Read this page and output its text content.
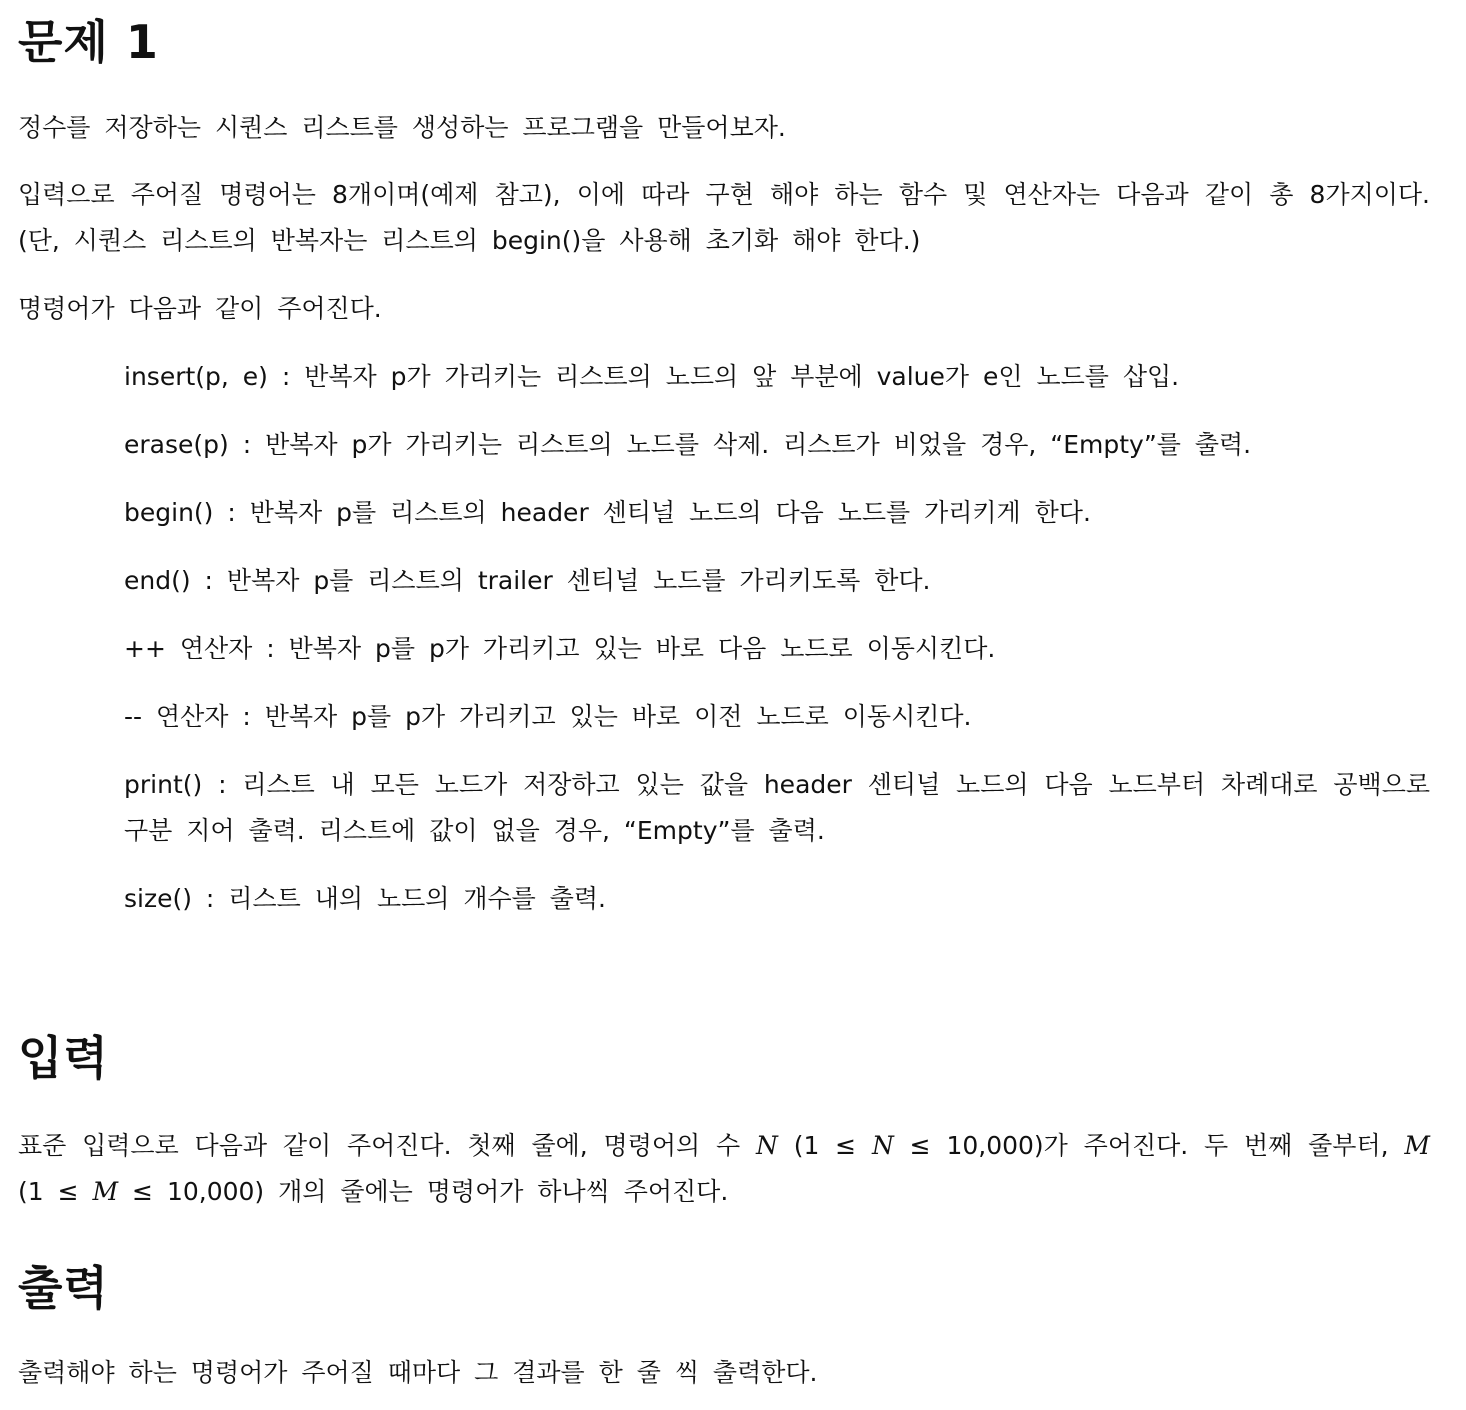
문제 1

정수를 저장하는 시퀀스 리스트를 생성하는 프로그램을 만들어보자.

입력으로 주어질 명령어는 8개이며(예제 참고), 이에 따라 구현 해야 하는 함수 및 연산자는 다음과 같이 총 8가지이다.(단, 시퀀스 리스트의 반복자는 리스트의 begin()을 사용해 초기화 해야 한다.)

명령어가 다음과 같이 주어진다.

insert(p, e) : 반복자 p가 가리키는 리스트의 노드의 앞 부분에 value가 e인 노드를 삽입.
erase(p) : 반복자 p가 가리키는 리스트의 노드를 삭제. 리스트가 비었을 경우, “Empty”를 출력.
begin() : 반복자 p를 리스트의 header 센티널 노드의 다음 노드를 가리키게 한다.
end() : 반복자 p를 리스트의 trailer 센티널 노드를 가리키도록 한다.
++ 연산자 : 반복자 p를 p가 가리키고 있는 바로 다음 노드로 이동시킨다.
-- 연산자 : 반복자 p를 p가 가리키고 있는 바로 이전 노드로 이동시킨다.
print() : 리스트 내 모든 노드가 저장하고 있는 값을 header 센티널 노드의 다음 노드부터 차례대로 공백으로 구분 지어 출력. 리스트에 값이 없을 경우, “Empty”를 출력.
size() : 리스트 내의 노드의 개수를 출력.
입력

표준 입력으로 다음과 같이 주어진다. 첫째 줄에, 명령어의 수 N (1 ≤ N ≤ 10,000)가 주어진다. 두 번째 줄부터, M (1 ≤ M ≤ 10,000) 개의 줄에는 명령어가 하나씩 주어진다.

출력

출력해야 하는 명령어가 주어질 때마다 그 결과를 한 줄 씩 출력한다.
